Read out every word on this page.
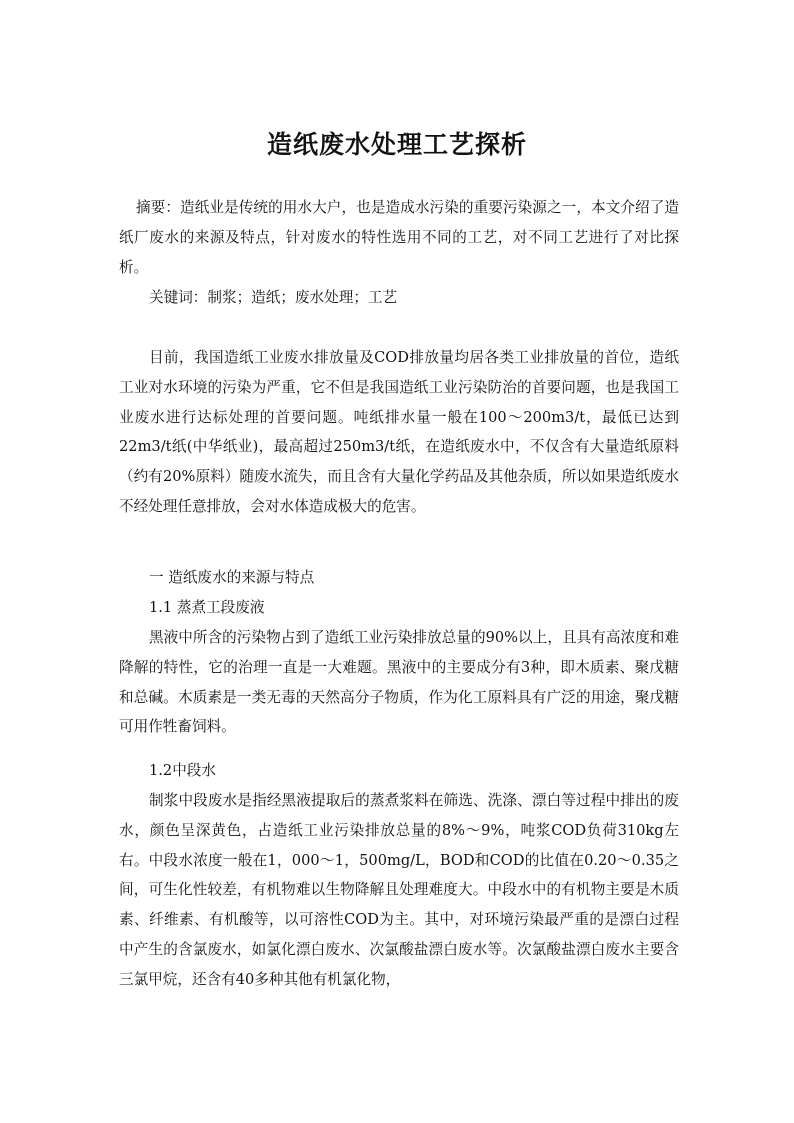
造纸废水处理工艺探析

摘要：造纸业是传统的用水大户，也是造成水污染的重要污染源之一，本文介绍了造纸厂废水的来源及特点，针对废水的特性选用不同的工艺，对不同工艺进行了对比探析。

关键词：制浆；造纸；废水处理；工艺

目前，我国造纸工业废水排放量及COD排放量均居各类工业排放量的首位，造纸工业对水环境的污染为严重，它不但是我国造纸工业污染防治的首要问题，也是我国工业废水进行达标处理的首要问题。吨纸排水量一般在100～200m3/t，最低已达到22m3/t纸(中华纸业)，最高超过250m3/t纸，在造纸废水中，不仅含有大量造纸原料（约有20%原料）随废水流失，而且含有大量化学药品及其他杂质，所以如果造纸废水不经处理任意排放，会对水体造成极大的危害。

一 造纸废水的来源与特点

1.1 蒸煮工段废液

黑液中所含的污染物占到了造纸工业污染排放总量的90%以上，且具有高浓度和难降解的特性，它的治理一直是一大难题。黑液中的主要成分有3种，即木质素、聚戊糖和总碱。木质素是一类无毒的天然高分子物质，作为化工原料具有广泛的用途，聚戊糖可用作牲畜饲料。

1.2中段水

制浆中段废水是指经黑液提取后的蒸煮浆料在筛选、洗涤、漂白等过程中排出的废水，颜色呈深黄色，占造纸工业污染排放总量的8%～9%，吨浆COD负荷310kg左右。中段水浓度一般在1，000～1，500mg/L，BOD和COD的比值在0.20～0.35之间，可生化性较差，有机物难以生物降解且处理难度大。中段水中的有机物主要是木质素、纤维素、有机酸等，以可溶性COD为主。其中，对环境污染最严重的是漂白过程中产生的含氯废水，如氯化漂白废水、次氯酸盐漂白废水等。次氯酸盐漂白废水主要含三氯甲烷，还含有40多种其他有机氯化物，
